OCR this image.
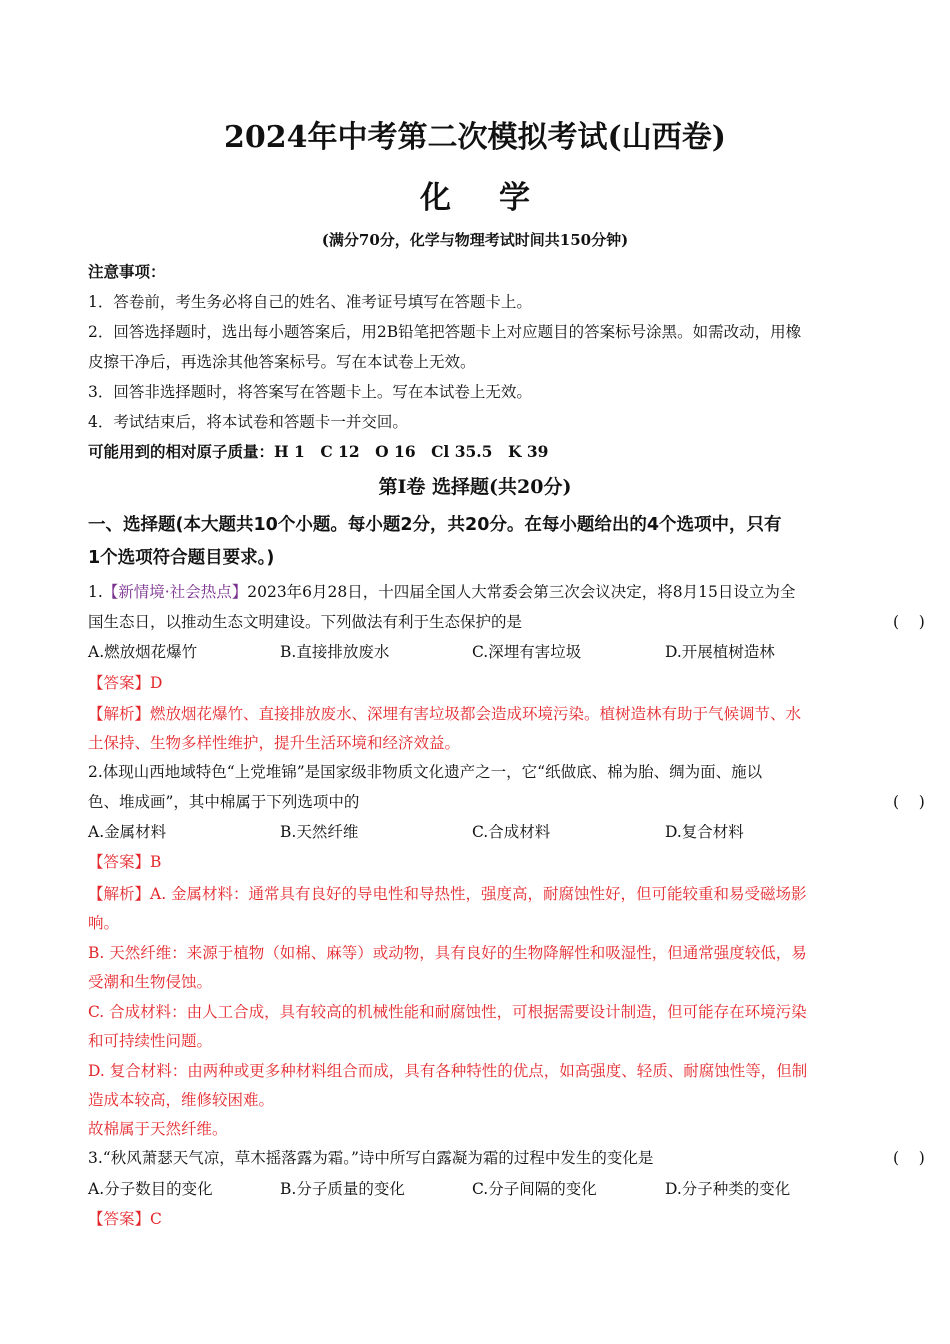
2024年中考第二次模拟考试(山西卷)
化学
(满分70分，化学与物理考试时间共150分钟)
注意事项：
1．答卷前，考生务必将自己的姓名、准考证号填写在答题卡上。
2．回答选择题时，选出每小题答案后，用2B铅笔把答题卡上对应题目的答案标号涂黑。如需改动，用橡
皮擦干净后，再选涂其他答案标号。写在本试卷上无效。
3．回答非选择题时，将答案写在答题卡上。写在本试卷上无效。
4．考试结束后，将本试卷和答题卡一并交回。
可能用到的相对原子质量：H 1　C 12　O 16　Cl 35.5　K 39
第Ⅰ卷 选择题(共20分)
一、选择题(本大题共10个小题。每小题2分，共20分。在每小题给出的4个选项中，只有
1个选项符合题目要求。)
1.【新情境·社会热点】2023年6月28日，十四届全国人大常委会第三次会议决定，将8月15日设立为全
国生态日，以推动生态文明建设。下列做法有利于生态保护的是	(    )
A.燃放烟花爆竹	B.直接排放废水	C.深埋有害垃圾	D.开展植树造林
【答案】D
【解析】燃放烟花爆竹、直接排放废水、深埋有害垃圾都会造成环境污染。植树造林有助于气候调节、水
土保持、生物多样性维护，提升生活环境和经济效益。
2.体现山西地域特色“上党堆锦”是国家级非物质文化遗产之一，它“纸做底、棉为胎、绸为面、施以
色、堆成画”，其中棉属于下列选项中的	(    )
A.金属材料	B.天然纤维	C.合成材料	D.复合材料
【答案】B
【解析】A. 金属材料：通常具有良好的导电性和导热性，强度高，耐腐蚀性好，但可能较重和易受磁场影
响。
B. 天然纤维：来源于植物（如棉、麻等）或动物，具有良好的生物降解性和吸湿性，但通常强度较低，易
受潮和生物侵蚀。
C. 合成材料：由人工合成，具有较高的机械性能和耐腐蚀性，可根据需要设计制造，但可能存在环境污染
和可持续性问题。
D. 复合材料：由两种或更多种材料组合而成，具有各种特性的优点，如高强度、轻质、耐腐蚀性等，但制
造成本较高，维修较困难。
故棉属于天然纤维。
3.“秋风萧瑟天气凉，草木摇落露为霜。”诗中所写白露凝为霜的过程中发生的变化是	(    )
A.分子数目的变化	B.分子质量的变化	C.分子间隔的变化	D.分子种类的变化
【答案】C
